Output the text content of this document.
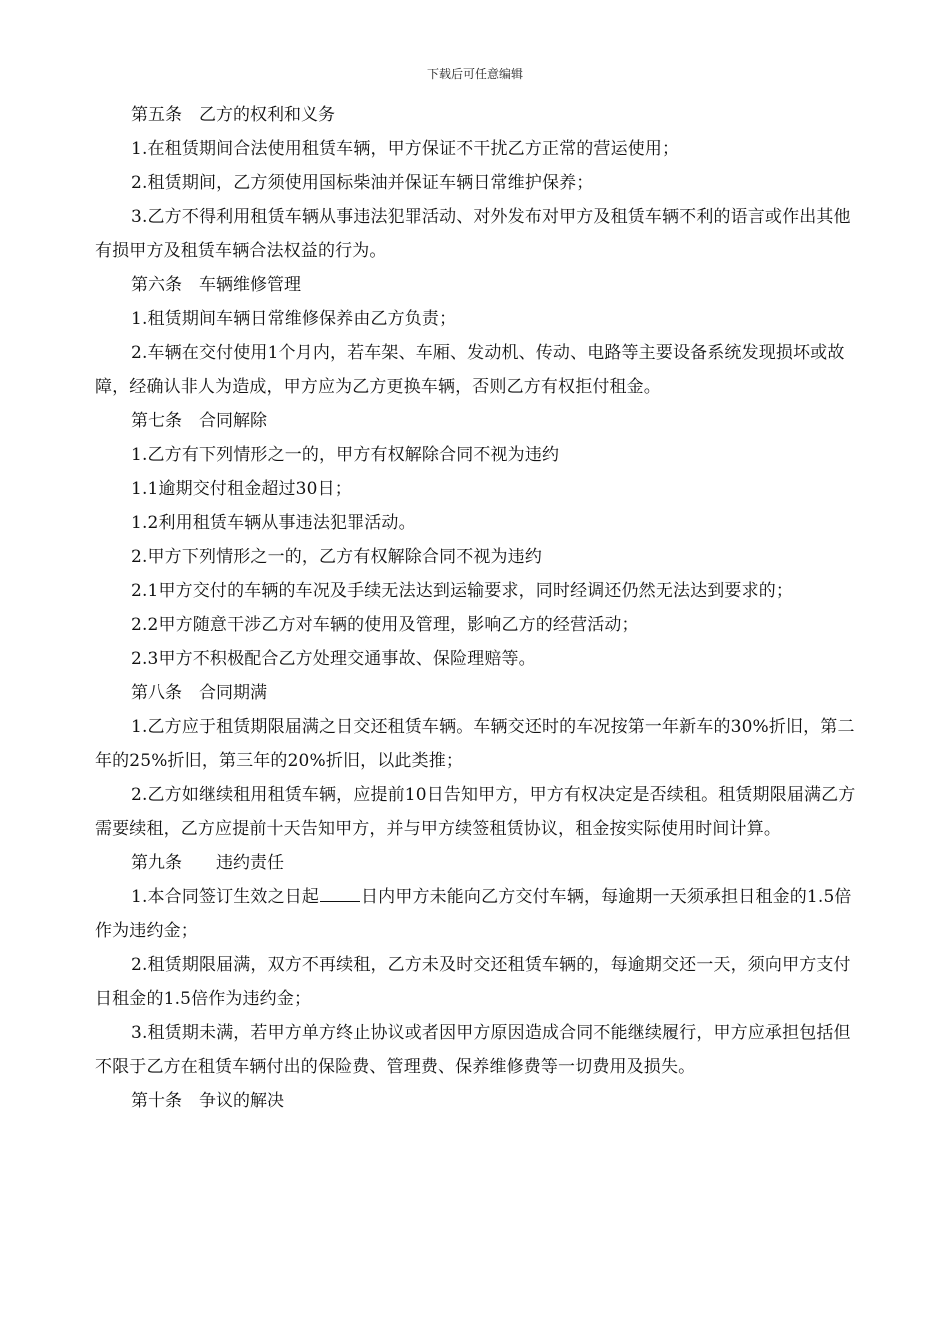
下载后可任意编辑

第五条　乙方的权利和义务

1.在租赁期间合法使用租赁车辆，甲方保证不干扰乙方正常的营运使用；

2.租赁期间，乙方须使用国标柴油并保证车辆日常维护保养；

3.乙方不得利用租赁车辆从事违法犯罪活动、对外发布对甲方及租赁车辆不利的语言或作出其他有损甲方及租赁车辆合法权益的行为。

第六条　车辆维修管理

1.租赁期间车辆日常维修保养由乙方负责；

2.车辆在交付使用1个月内，若车架、车厢、发动机、传动、电路等主要设备系统发现损坏或故障，经确认非人为造成，甲方应为乙方更换车辆，否则乙方有权拒付租金。

第七条　合同解除

1.乙方有下列情形之一的，甲方有权解除合同不视为违约

1.1逾期交付租金超过30日；

1.2利用租赁车辆从事违法犯罪活动。

2.甲方下列情形之一的，乙方有权解除合同不视为违约

2.1甲方交付的车辆的车况及手续无法达到运输要求，同时经调还仍然无法达到要求的；

2.2甲方随意干涉乙方对车辆的使用及管理，影响乙方的经营活动；

2.3甲方不积极配合乙方处理交通事故、保险理赔等。

第八条　合同期满

1.乙方应于租赁期限届满之日交还租赁车辆。车辆交还时的车况按第一年新车的30%折旧，第二年的25%折旧，第三年的20%折旧，以此类推；

2.乙方如继续租用租赁车辆，应提前10日告知甲方，甲方有权决定是否续租。租赁期限届满乙方需要续租，乙方应提前十天告知甲方，并与甲方续签租赁协议，租金按实际使用时间计算。

第九条　　违约责任

1.本合同签订生效之日起 日内甲方未能向乙方交付车辆，每逾期一天须承担日租金的1.5倍作为违约金；

2.租赁期限届满，双方不再续租，乙方未及时交还租赁车辆的，每逾期交还一天，须向甲方支付日租金的1.5倍作为违约金；

3.租赁期未满，若甲方单方终止协议或者因甲方原因造成合同不能继续履行，甲方应承担包括但不限于乙方在租赁车辆付出的保险费、管理费、保养维修费等一切费用及损失。

第十条　争议的解决
